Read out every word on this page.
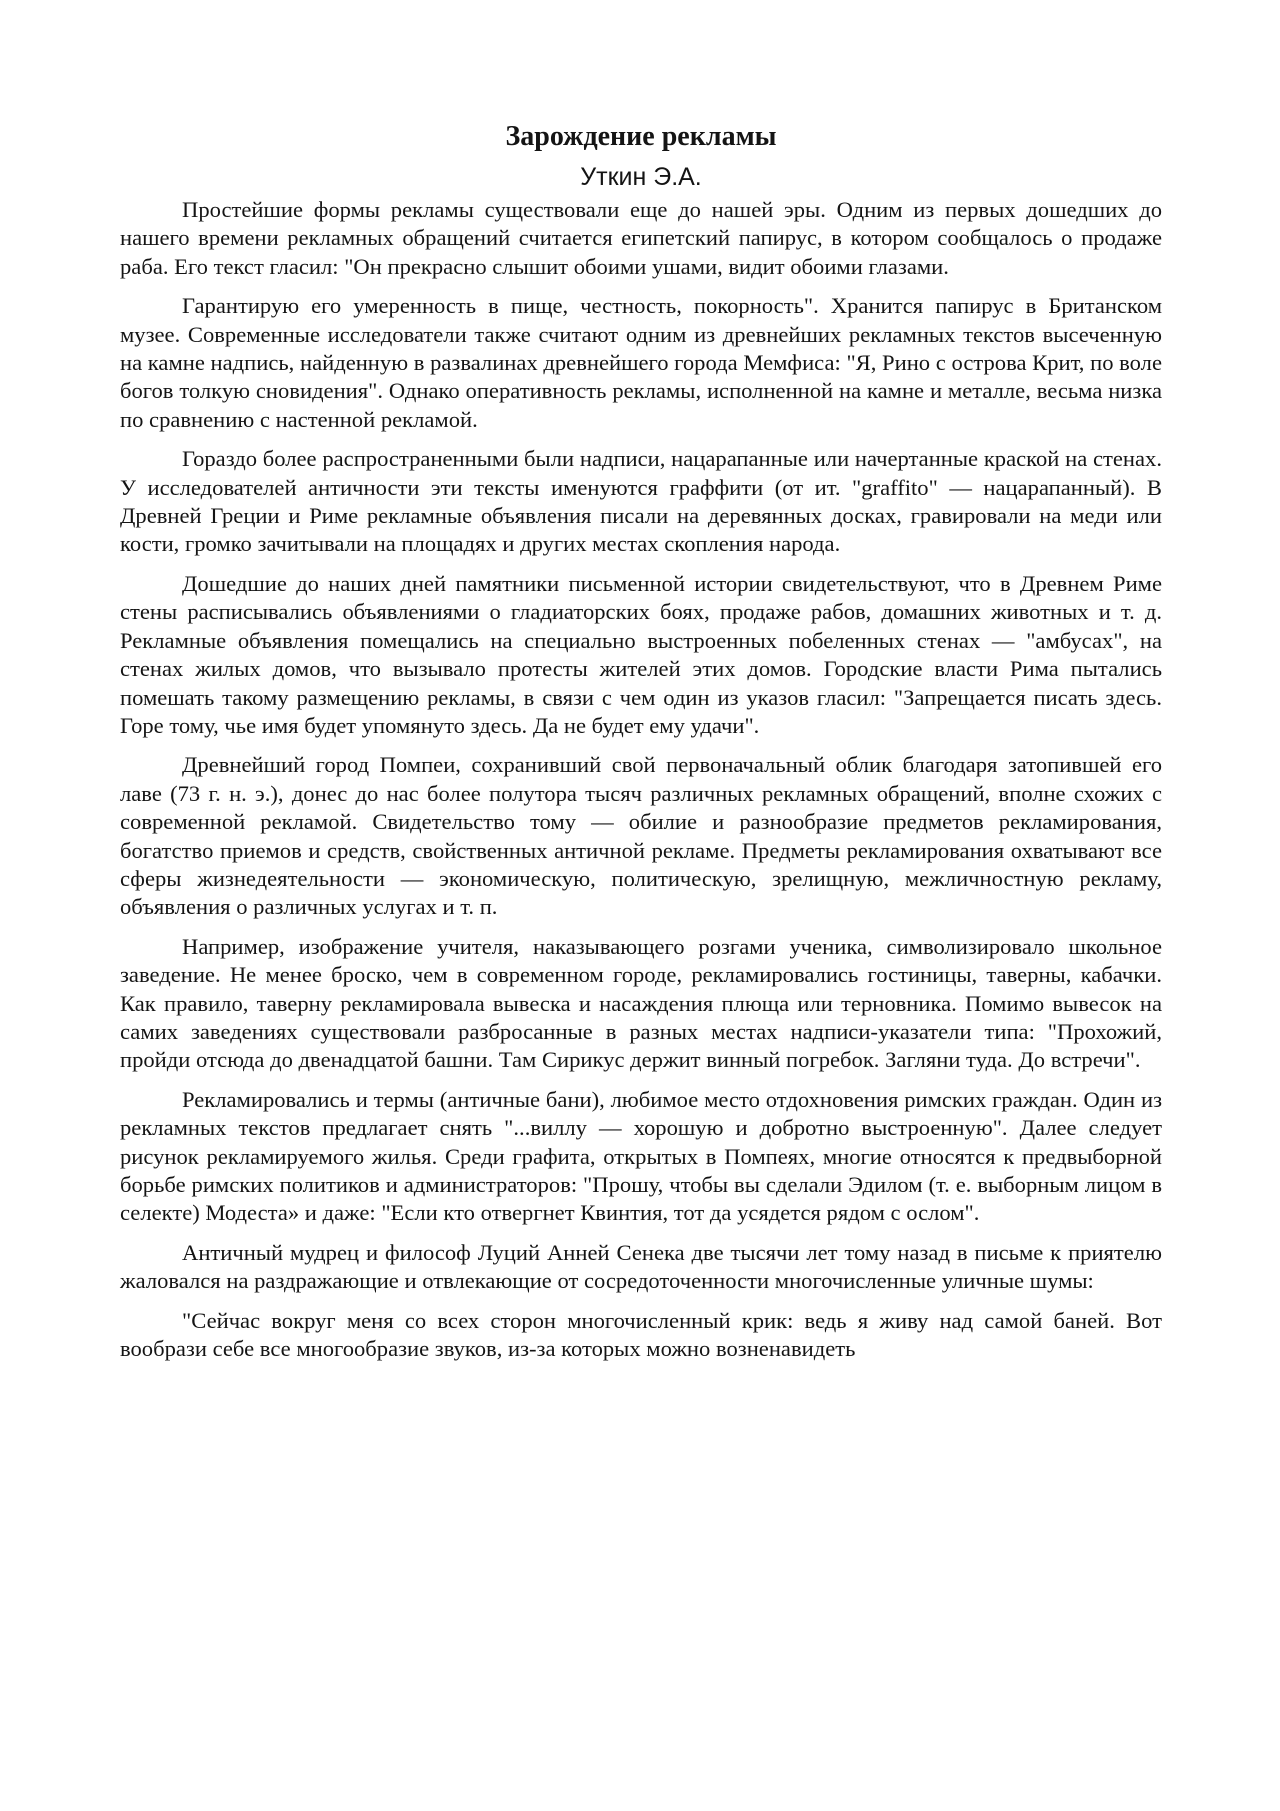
Зарождение рекламы
Уткин Э.А.

Простейшие формы рекламы существовали еще до нашей эры. Одним из первых дошедших до нашего времени рекламных обращений считается египетский папирус, в котором сообщалось о продаже раба. Его текст гласил: "Он прекрасно слышит обоими ушами, видит обоими глазами.

Гарантирую его умеренность в пище, честность, покорность". Хранится папирус в Британском музее. Современные исследователи также считают одним из древнейших рекламных текстов высеченную на камне надпись, найденную в развалинах древнейшего города Мемфиса: "Я, Рино с острова Крит, по воле богов толкую сновидения". Однако оперативность рекламы, исполненной на камне и металле, весьма низка по сравнению с настенной рекламой.

Гораздо более распространенными были надписи, нацарапанные или начертанные краской на стенах. У исследователей античности эти тексты именуются граффити (от ит. "graffito" — нацарапанный). В Древней Греции и Риме рекламные объявления писали на деревянных досках, гравировали на меди или кости, громко зачитывали на площадях и других местах скопления народа.

Дошедшие до наших дней памятники письменной истории свидетельствуют, что в Древнем Риме стены расписывались объявлениями о гладиаторских боях, продаже рабов, домашних животных и т. д. Рекламные объявления помещались на специально выстроенных побеленных стенах — "амбусах", на стенах жилых домов, что вызывало протесты жителей этих домов. Городские власти Рима пытались помешать такому размещению рекламы, в связи с чем один из указов гласил: "Запрещается писать здесь. Горе тому, чье имя будет упомянуто здесь. Да не будет ему удачи".

Древнейший город Помпеи, сохранивший свой первоначальный облик благодаря затопившей его лаве (73 г. н. э.), донес до нас более полутора тысяч различных рекламных обращений, вполне схожих с современной рекламой. Свидетельство тому — обилие и разнообразие предметов рекламирования, богатство приемов и средств, свойственных античной рекламе. Предметы рекламирования охватывают все сферы жизнедеятельности — экономическую, политическую, зрелищную, межличностную рекламу, объявления о различных услугах и т. п.

Например, изображение учителя, наказывающего розгами ученика, символизировало школьное заведение. Не менее броско, чем в современном городе, рекламировались гостиницы, таверны, кабачки. Как правило, таверну рекламировала вывеска и насаждения плюща или терновника. Помимо вывесок на самих заведениях существовали разбросанные в разных местах надписи-указатели типа: "Прохожий, пройди отсюда до двенадцатой башни. Там Сирикус держит винный погребок. Загляни туда. До встречи".

Рекламировались и термы (античные бани), любимое место отдохновения римских граждан. Один из рекламных текстов предлагает снять "...виллу — хорошую и добротно выстроенную". Далее следует рисунок рекламируемого жилья. Среди графита, открытых в Помпеях, многие относятся к предвыборной борьбе римских политиков и администраторов: "Прошу, чтобы вы сделали Эдилом (т. е. выборным лицом в селекте) Модеста» и даже: "Если кто отвергнет Квинтия, тот да усядется рядом с ослом".

Античный мудрец и философ Луций Анней Сенека две тысячи лет тому назад в письме к приятелю жаловался на раздражающие и отвлекающие от сосредоточенности многочисленные уличные шумы:

"Сейчас вокруг меня со всех сторон многочисленный крик: ведь я живу над самой баней. Вот вообрази себе все многообразие звуков, из-за которых можно возненавидеть
